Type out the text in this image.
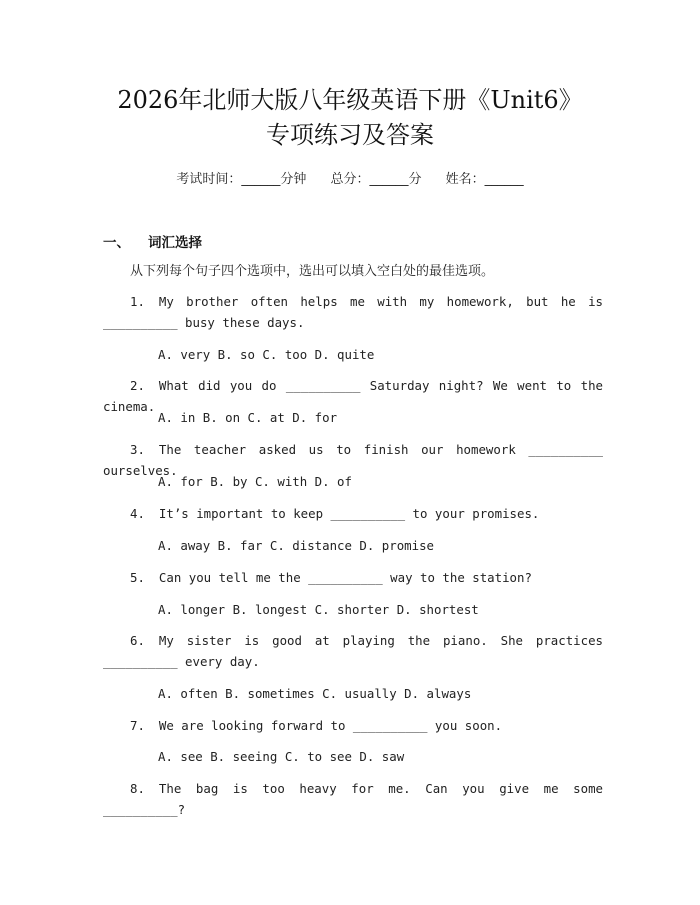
2026年北师大版八年级英语下册《Unit6》
专项练习及答案
考试时间：______分钟 总分：______分 姓名：______
一、 词汇选择
从下列每个句子四个选项中，选出可以填入空白处的最佳选项。
1. My brother often helps me with my homework, but he is __________ busy these days.
A. very B. so C. too D. quite
2. What did you do __________ Saturday night? We went to the cinema.
A. in B. on C. at D. for
3. The teacher asked us to finish our homework __________ ourselves.
A. for B. by C. with D. of
4. It’s important to keep __________ to your promises.
A. away B. far C. distance D. promise
5. Can you tell me the __________ way to the station?
A. longer B. longest C. shorter D. shortest
6. My sister is good at playing the piano. She practices __________ every day.
A. often B. sometimes C. usually D. always
7. We are looking forward to __________ you soon.
A. see B. seeing C. to see D. saw
8. The bag is too heavy for me. Can you give me some __________?
